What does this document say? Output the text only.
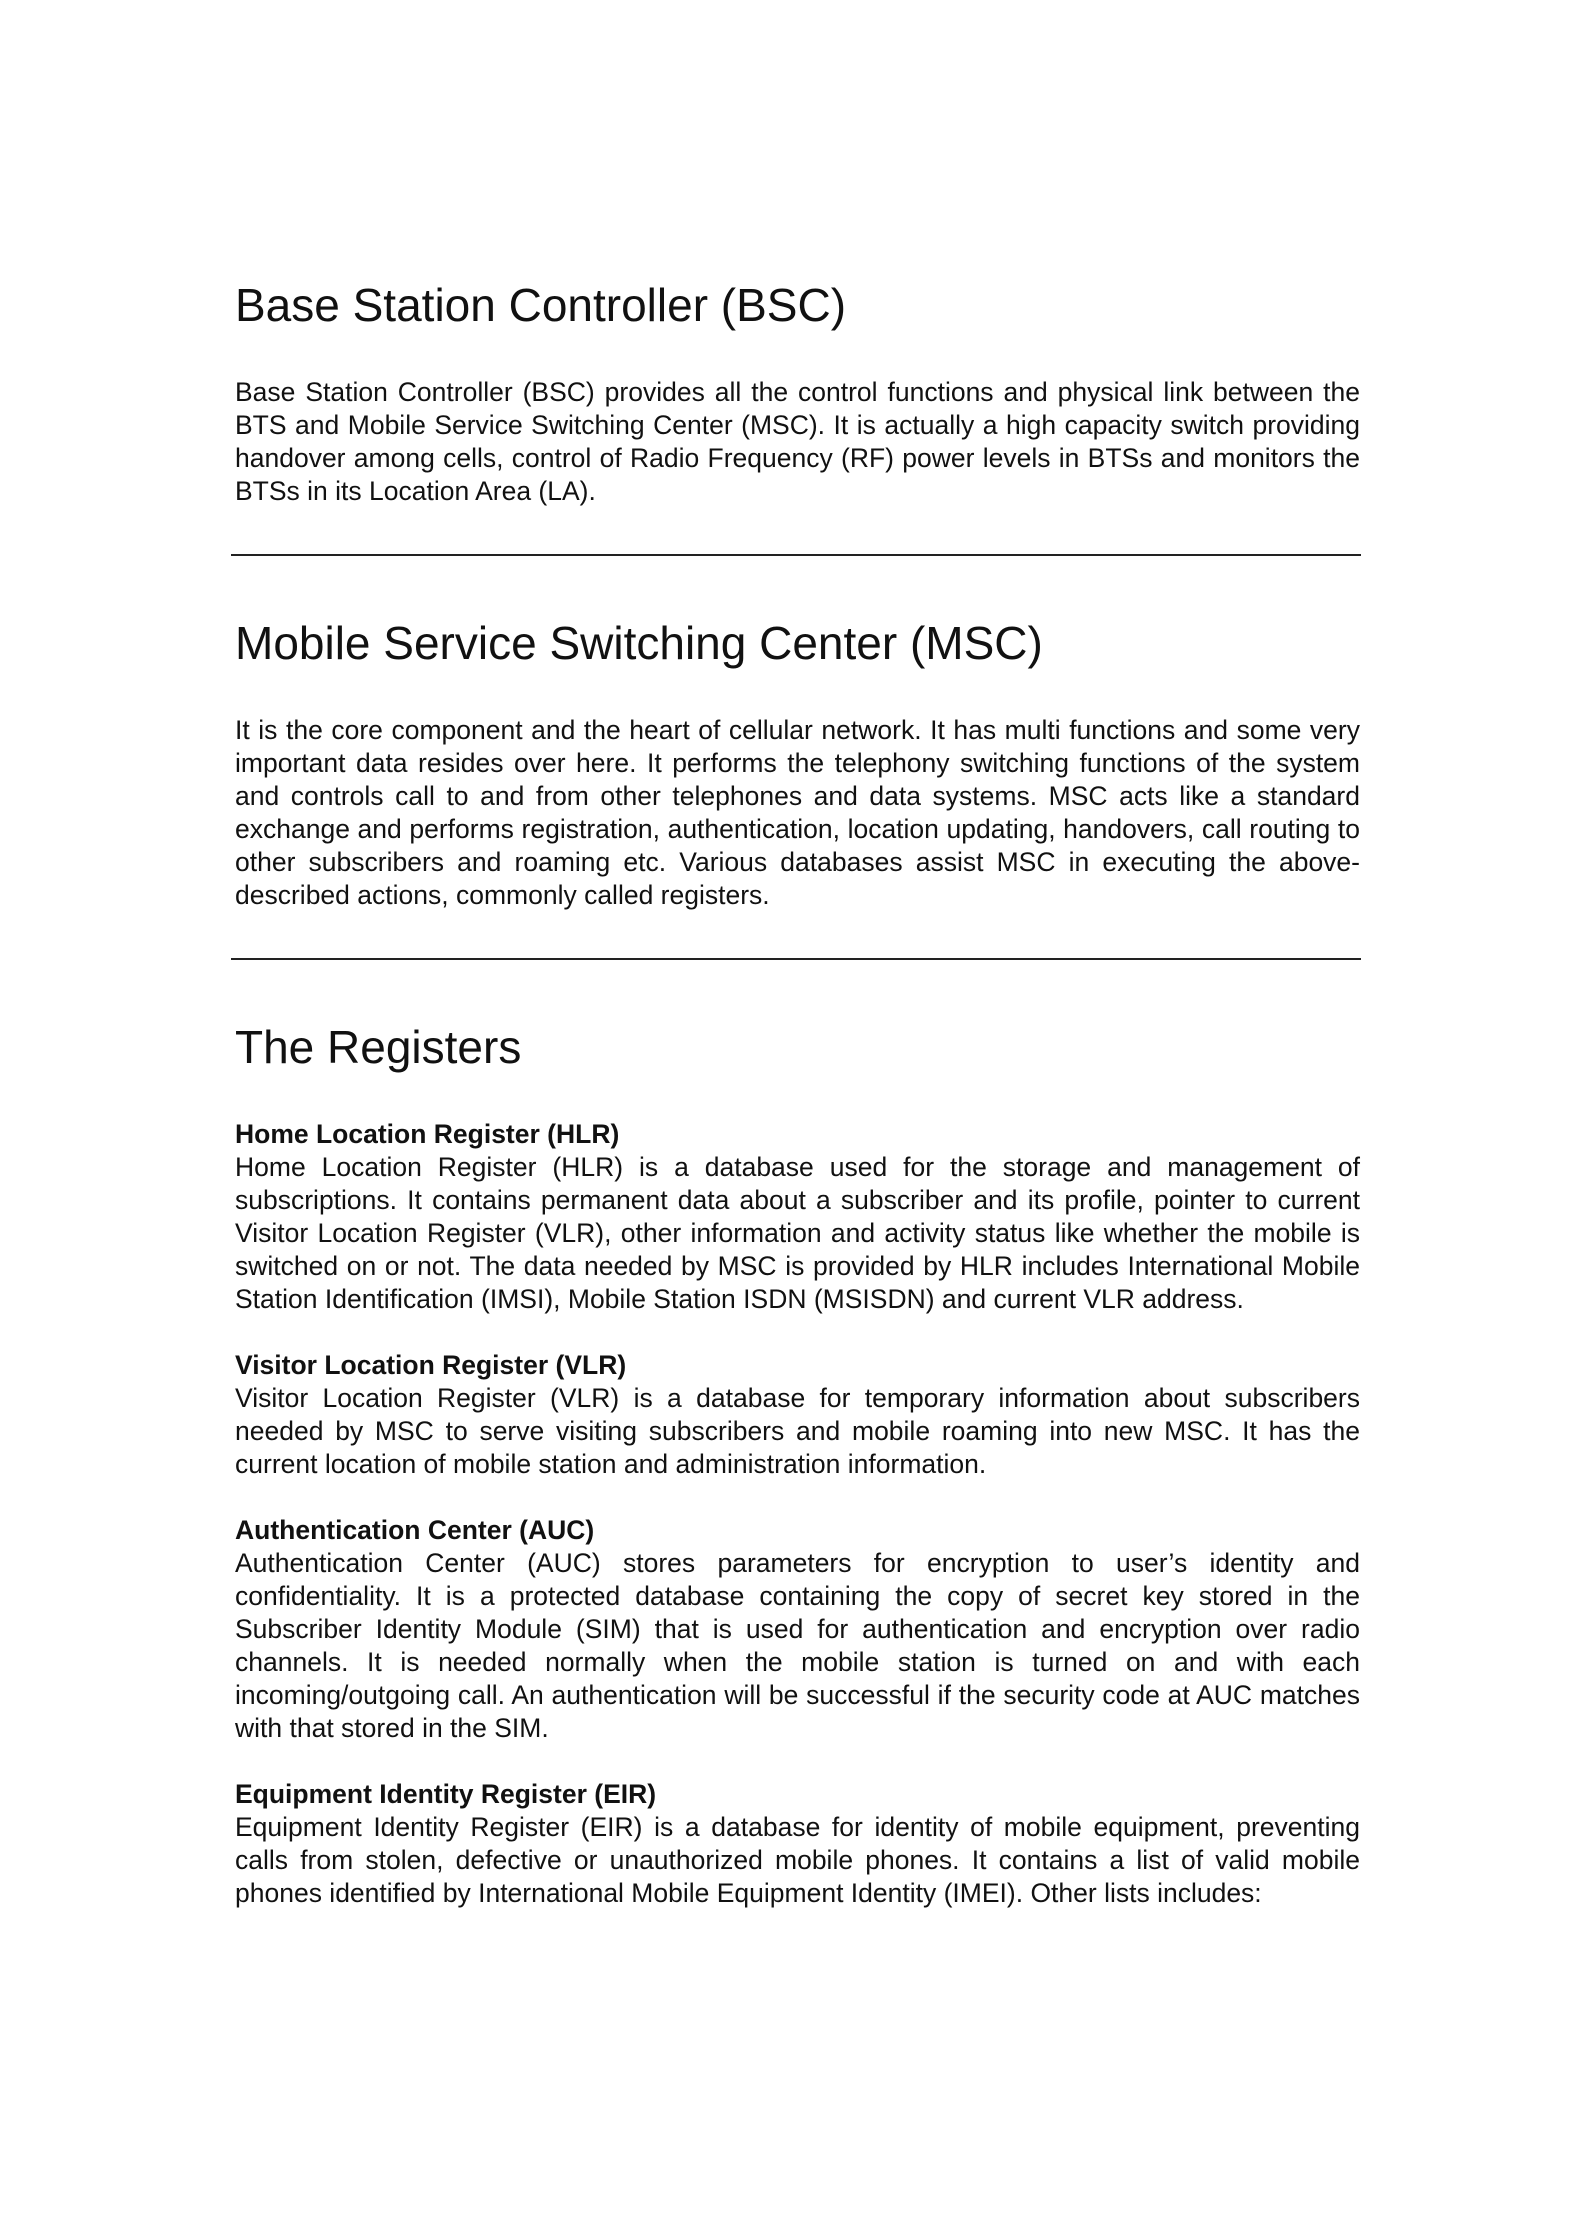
Base Station Controller (BSC)

Base Station Controller (BSC) provides all the control functions and physical link between the BTS and Mobile Service Switching Center (MSC). It is actually a high capacity switch providing handover among cells, control of Radio Frequency (RF) power levels in BTSs and monitors the BTSs in its Location Area (LA).

Mobile Service Switching Center (MSC)

It is the core component and the heart of cellular network. It has multi functions and some very important data resides over here. It performs the telephony switching functions of the system and controls call to and from other telephones and data systems. MSC acts like a standard exchange and performs registration, authentication, location updating, handovers, call routing to other subscribers and roaming etc. Various databases assist MSC in executing the above-described actions, commonly called registers.

The Registers
Home Location Register (HLR)

Home Location Register (HLR) is a database used for the storage and management of subscriptions. It contains permanent data about a subscriber and its profile, pointer to current Visitor Location Register (VLR), other information and activity status like whether the mobile is switched on or not. The data needed by MSC is provided by HLR includes International Mobile Station Identification (IMSI), Mobile Station ISDN (MSISDN) and current VLR address.

Visitor Location Register (VLR)

Visitor Location Register (VLR) is a database for temporary information about subscribers needed by MSC to serve visiting subscribers and mobile roaming into new MSC. It has the current location of mobile station and administration information.

Authentication Center (AUC)

Authentication Center (AUC) stores parameters for encryption to user’s identity and confidentiality. It is a protected database containing the copy of secret key stored in the Subscriber Identity Module (SIM) that is used for authentication and encryption over radio channels. It is needed normally when the mobile station is turned on and with each incoming/outgoing call. An authentication will be successful if the security code at AUC matches with that stored in the SIM.

Equipment Identity Register (EIR)

Equipment Identity Register (EIR) is a database for identity of mobile equipment, preventing calls from stolen, defective or unauthorized mobile phones. It contains a list of valid mobile phones identified by International Mobile Equipment Identity (IMEI). Other lists includes:
